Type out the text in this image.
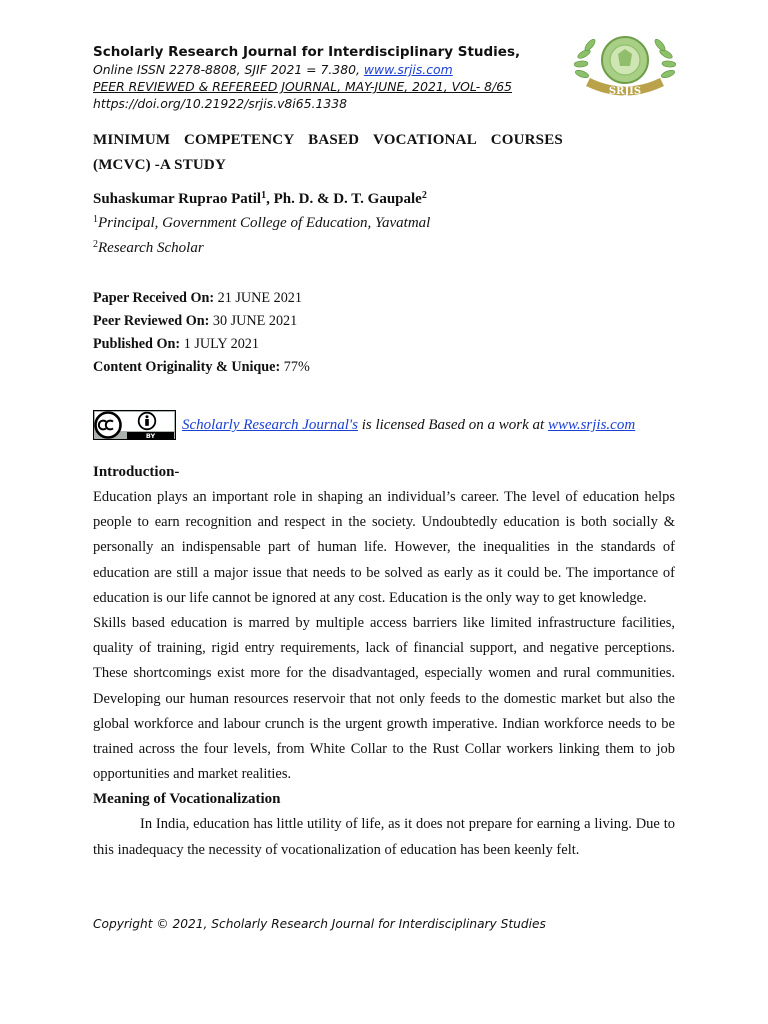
Scholarly Research Journal for Interdisciplinary Studies,
Online ISSN 2278-8808, SJIF 2021 = 7.380, www.srjis.com
PEER REVIEWED & REFEREED JOURNAL, MAY-JUNE, 2021, VOL- 8/65
https://doi.org/10.21922/srjis.v8i65.1338
SRJIS
MINIMUM COMPETENCY BASED VOCATIONAL COURSES
(MCVC) -A STUDY
Suhaskumar Ruprao Patil$^1$, Ph. D. & D. T. Gaupale$^2$
$^1$Principal, Government College of Education, Yavatmal
$^2$Research Scholar
Paper Received On: 21 JUNE 2021
Peer Reviewed On: 30 JUNE 2021
Published On: 1 JULY 2021
Content Originality & Unique: 77%
BY
Scholarly Research Journal's is licensed Based on a work at www.srjis.com
Introduction-

Education plays an important role in shaping an individual’s career. The level of education helps people to earn recognition and respect in the society. Undoubtedly education is both socially & personally an indispensable part of human life. However, the inequalities in the standards of education are still a major issue that needs to be solved as early as it could be. The importance of education is our life cannot be ignored at any cost. Education is the only way to get knowledge.

Skills based education is marred by multiple access barriers like limited infrastructure facilities, quality of training, rigid entry requirements, lack of financial support, and negative perceptions. These shortcomings exist more for the disadvantaged, especially women and rural communities. Developing our human resources reservoir that not only feeds to the domestic market but also the global workforce and labour crunch is the urgent growth imperative. Indian workforce needs to be trained across the four levels, from White Collar to the Rust Collar workers linking them to job opportunities and market realities.

Meaning of Vocationalization

In India, education has little utility of life, as it does not prepare for earning a living. Due to this inadequacy the necessity of vocationalization of education has been keenly felt.

Copyright © 2021, Scholarly Research Journal for Interdisciplinary Studies
